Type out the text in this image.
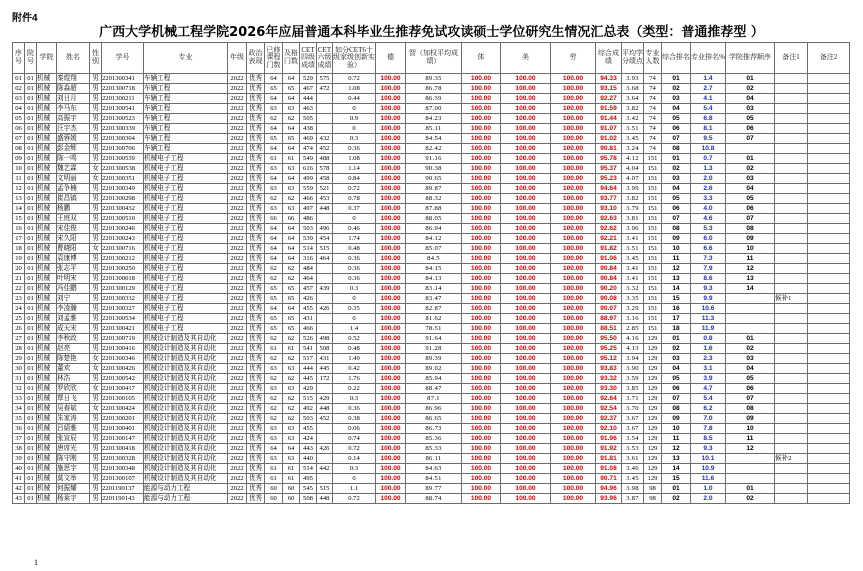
附件4
广西大学机械工程学院2026年应届普通本科毕业生推荐免试攻读硕士学位研究生情况汇总表（类型：普通推荐型 ）
序号	院号	学院	姓名	性别	学号	专业	年级	政治表现	已修课程门数	及格门数	CET四级成绩	CET六级成绩	如分CET6十级家级创新实验）	德	智（加权平均成绩）	体	美	劳	综合成绩	平均学分绩点	专业人数	综合排名	专业排名%	学院推荐顺序	备注1	备注2
01	01	机械	秦煜翔	男	2201300341	车辆工程	2022	优秀	64	64	529	575	0.72	100.00	89.35	100.00	100.00	100.00	94.33	3.93	74	01	1.4	01		
02	01	机械	陈淼超	男	2201300718	车辆工程	2022	优秀	65	65	467	472	1.08	100.00	86.78	100.00	100.00	100.00	93.15	3.68	74	02	2.7	02		
03	01	机械	刘日月	男	2201300211	车辆工程	2022	优秀	64	64	444		0.44	100.00	86.39	100.00	100.00	100.00	92.27	3.64	74	03	4.1	04		
04	01	机械	李马东	男	2201300541	车辆工程	2022	优秀	63	63	463		0	100.00	87.00	100.00	100.00	100.00	91.59	3.82	74	04	5.4	03		
05	01	机械	高振宇	男	2201300523	车辆工程	2022	优秀	62	62	505		0.9	100.00	84.23	100.00	100.00	100.00	91.44	3.42	74	05	6.8	05		
06	01	机械	汪宇杰	男	2201300339	车辆工程	2022	优秀	64	64	438		0	100.00	85.11	100.00	100.00	100.00	91.07	3.51	74	06	8.1	06		
07	01	机械	盛蓉媛	男	2201300304	车辆工程	2022	优秀	65	65	469	432	0.3	100.00	84.54	100.00	100.00	100.00	91.02	3.45	74	07	9.5	07		
08	01	机械	彭金辉	男	2201300706	车辆工程	2022	优秀	64	64	474	452	0.36	100.00	82.42	100.00	100.00	100.00	90.81	3.24	74	08	10.8			
09	01	机械	陈一鸣	男	2201300539	机械电子工程	2022	优秀	61	61	549	488	1.08	100.00	91.16	100.00	100.00	100.00	95.78	4.12	151	01	0.7	01		
10	01	机械	魏艺霖	女	2201300538	机械电子工程	2022	优秀	63	63	616	578	1.14	100.00	90.38	100.00	100.00	100.00	95.37	4.04	151	02	1.3	02		
11	01	机械	文明丽	女	2201300351	机械电子工程	2022	优秀	64	64	499	458	0.84	100.00	90.65	100.00	100.00	100.00	95.23	4.07	151	03	2.0	03		
12	01	机械	孟争楠	男	2201300349	机械电子工程	2022	优秀	63	63	559	521	0.72	100.00	89.87	100.00	100.00	100.00	94.64	3.99	151	04	2.6	04		
13	01	机械	崔昌镐	男	2201300298	机械电子工程	2022	优秀	62	62	466	453	0.78	100.00	88.32	100.00	100.00	100.00	93.77	3.82	151	05	3.3	05		
14	01	机械	杨鹏	男	2201300432	机械电子工程	2022	优秀	63	63	497	448	0.37	100.00	87.88	100.00	100.00	100.00	93.10	3.79	151	06	4.0	06		
15	01	机械	王庭双	男	2201300510	机械电子工程	2022	优秀	66	66	486		0	100.00	88.05	100.00	100.00	100.00	92.63	3.81	151	07	4.6	07		
16	01	机械	宋佳俊	男	2201300246	机械电子工程	2022	优秀	64	64	503	496	0.46	100.00	86.94	100.00	100.00	100.00	92.62	3.96	151	08	5.3	08		
17	01	机械	宋久阳	男	2201300243	机械电子工程	2022	优秀	64	64	539	454	1.74	100.00	84.12	100.00	100.00	100.00	92.21	3.41	151	09	6.0	09		
18	01	机械	曹晓阳	女	2201300716	机械电子工程	2022	优秀	64	64	514	515	0.48	100.00	85.07	100.00	100.00	100.00	91.82	3.51	151	10	6.6	10		
19	01	机械	袁康博	男	2201300212	机械电子工程	2022	优秀	64	64	316	464	0.36	100.00	84.5	100.00	100.00	100.00	91.06	3.45	151	11	7.3	11		
20	01	机械	张志平	男	2201300250	机械电子工程	2022	优秀	62	62	484		0.36	100.00	84.15	100.00	100.00	100.00	90.84	3.41	151	12	7.9	12		
21	01	机械	叶明宋	男	2201300018	机械电子工程	2022	优秀	62	62	464		0.36	100.00	84.13	100.00	100.00	100.00	90.84	3.41	151	13	8.6	13		
22	01	机械	冯佳鹏	男	2201300129	机械电子工程	2022	优秀	65	65	457	439	0.3	100.00	83.14	100.00	100.00	100.00	90.20	3.32	151	14	9.3	14		
23	01	机械	刘宁	男	2201300332	机械电子工程	2022	优秀	65	65	426		0	100.00	83.47	100.00	100.00	100.00	90.08	3.35	151	15	9.9		候补1	
24	01	机械	李凌瀚	男	2201300327	机械电子工程	2022	优秀	64	64	455	426	0.35	100.00	82.87	100.00	100.00	100.00	90.07	3.29	151	16	10.6			
25	01	机械	刘孟雅	男	2201300534	机械电子工程	2022	优秀	65	65	431		0	100.00	81.62	100.00	100.00	100.00	88.97	3.16	151	17	11.3			
26	01	机械	成天宋	男	2201300421	机械电子工程	2022	优秀	65	65	466		1.4	100.00	78.51	100.00	100.00	100.00	88.51	2.85	151	18	11.9			
27	01	机械	李秋政	男	2201300719	机械设计制造及其自动化	2022	优秀	62	62	526	498	0.52	100.00	91.64	100.00	100.00	100.00	95.50	4.16	129	01	0.8	01		
28	01	机械	赵亮	男	2201300416	机械设计制造及其自动化	2022	优秀	61	61	541	508	0.48	100.00	91.28	100.00	100.00	100.00	95.25	4.13	129	02	1.6	02		
29	01	机械	陈楚艳	女	2201300346	机械设计制造及其自动化	2022	优秀	62	62	517	431	1.49	100.00	89.39	100.00	100.00	100.00	95.12	3.94	129	03	2.3	03		
30	01	机械	董欢	女	2201300426	机械设计制造及其自动化	2022	优秀	63	63	444	445	0.42	100.00	89.02	100.00	100.00	100.00	93.83	3.90	129	04	3.1	04		
31	01	机械	林浩	男	2201300542	机械设计制造及其自动化	2022	优秀	62	62	445	172	1.76	100.00	85.94	100.00	100.00	100.00	93.32	3.59	129	05	3.9	05		
32	01	机械	罗欣欣	女	2201300417	机械设计制造及其自动化	2022	优秀	63	63	429		0.22	100.00	88.47	100.00	100.00	100.00	93.30	3.85	129	06	4.7	06		
33	01	机械	覃日飞	男	2201300105	机械设计制造及其自动化	2022	优秀	62	62	515	429	0.3	100.00	87.1	100.00	100.00	100.00	92.64	3.71	129	07	5.4	07		
34	01	机械	吴春斌	女	2201300424	机械设计制造及其自动化	2022	优秀	62	62	492	448	0.36	100.00	86.96	100.00	100.00	100.00	92.54	3.70	129	08	6.2	08		
35	01	机械	朱家涛	男	2201300201	机械设计制造及其自动化	2022	优秀	62	62	503	452	0.38	100.00	86.65	100.00	100.00	100.00	92.37	3.67	129	09	7.0	09		
36	01	机械	吕綪雅	男	2201300401	机械设计制造及其自动化	2022	优秀	63	63	455		0.06	100.00	86.73	100.00	100.00	100.00	92.10	3.67	129	10	7.8	10		
37	01	机械	张宣辰	男	2201300147	机械设计制造及其自动化	2022	优秀	63	63	424		0.74	100.00	85.36	100.00	100.00	100.00	91.96	3.54	129	11	8.5	11		
38	01	机械	唐席光	男	2201300418	机械设计制造及其自动化	2022	优秀	64	64	443	426	0.72	100.00	85.33	100.00	100.00	100.00	91.92	3.53	129	12	9.3	12		
39	01	机械	陈守刚	男	2201300328	机械设计制造及其自动化	2022	优秀	63	63	440		0.14	100.00	86.11	100.00	100.00	100.00	91.81	3.61	129	13	10.1		候补2	
40	01	机械	施思宇	男	2201300348	机械设计制造及其自动化	2022	优秀	61	61	514	442	0.3	100.00	84.63	100.00	100.00	100.00	91.08	3.46	129	14	10.9			
41	01	机械	莫文举	男	2201300107	机械设计制造及其自动化	2022	优秀	61	61	495		0	100.00	84.51	100.00	100.00	100.00	90.71	3.45	129	15	11.6			
42	01	机械	何振耀	男	2201190137	能源与动力工程	2022	优秀	60	60	545	515	1.1	100.00	89.77	100.00	100.00	100.00	94.96	3.98	98	01	1.0	01		
43	01	机械	杨莱宇	男	2201190143	能源与动力工程	2022	优秀	60	60	508	448	0.72	100.00	88.74	100.00	100.00	100.00	93.96	3.87	98	02	2.0	02		
1
